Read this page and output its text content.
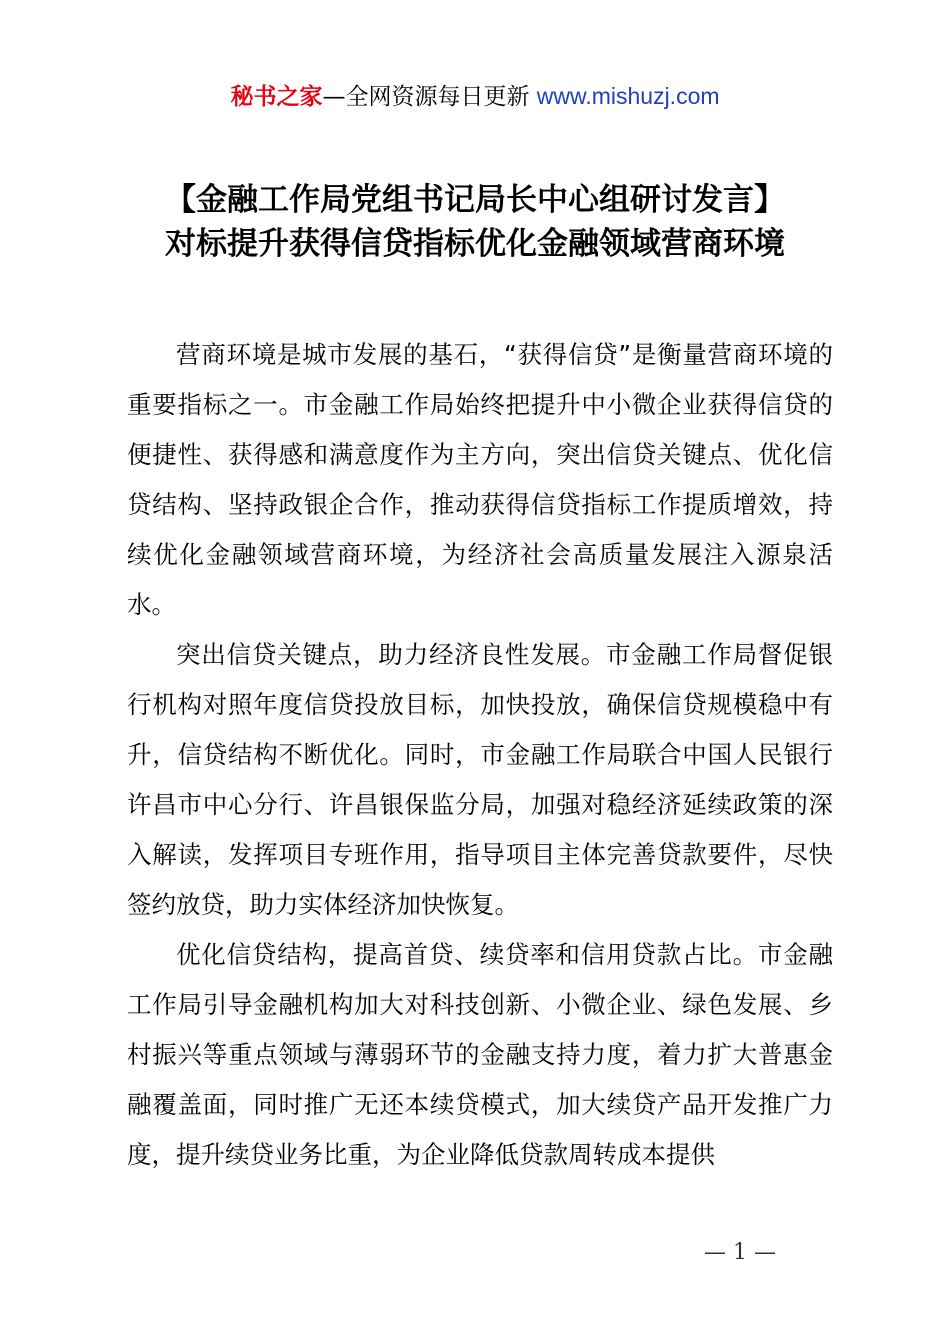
秘书之家—全网资源每日更新 www.mishuzj.com
【金融工作局党组书记局长中心组研讨发言】
对标提升获得信贷指标优化金融领域营商环境

营商环境是城市发展的基石，“获得信贷”是衡量营商环境的重要指标之一。市金融工作局始终把提升中小微企业获得信贷的便捷性、获得感和满意度作为主方向，突出信贷关键点、优化信贷结构、坚持政银企合作，推动获得信贷指标工作提质增效，持续优化金融领域营商环境，为经济社会高质量发展注入源泉活水。

突出信贷关键点，助力经济良性发展。市金融工作局督促银行机构对照年度信贷投放目标，加快投放，确保信贷规模稳中有升，信贷结构不断优化。同时，市金融工作局联合中国人民银行许昌市中心分行、许昌银保监分局，加强对稳经济延续政策的深入解读，发挥项目专班作用，指导项目主体完善贷款要件，尽快签约放贷，助力实体经济加快恢复。

优化信贷结构，提高首贷、续贷率和信用贷款占比。市金融工作局引导金融机构加大对科技创新、小微企业、绿色发展、乡村振兴等重点领域与薄弱环节的金融支持力度，着力扩大普惠金融覆盖面，同时推广无还本续贷模式，加大续贷产品开发推广力度，提升续贷业务比重，为企业降低贷款周转成本提供

— 1 —
